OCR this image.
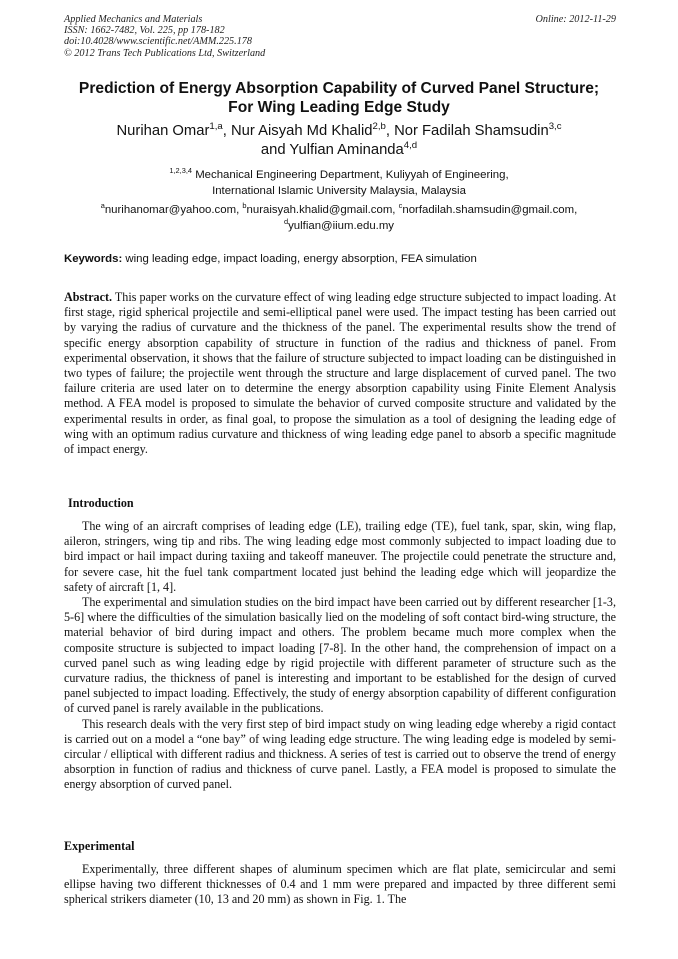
Applied Mechanics and Materials
ISSN: 1662-7482, Vol. 225, pp 178-182
doi:10.4028/www.scientific.net/AMM.225.178
© 2012 Trans Tech Publications Ltd, Switzerland
Online: 2012-11-29
Prediction of Energy Absorption Capability of Curved Panel Structure;
For Wing Leading Edge Study
Nurihan Omar$^{1,a}$, Nur Aisyah Md Khalid$^{2,b}$, Nor Fadilah Shamsudin$^{3,c}$
and Yulfian Aminanda$^{4,d}$
$^{1,2,3,4}$ Mechanical Engineering Department, Kuliyyah of Engineering,
International Islamic University Malaysia, Malaysia
$^a$nurihanomar@yahoo.com, $^b$nuraisyah.khalid@gmail.com, $^c$norfadilah.shamsudin@gmail.com,
$^d$yulfian@iium.edu.my
Keywords: wing leading edge, impact loading, energy absorption, FEA simulation
Abstract. This paper works on the curvature effect of wing leading edge structure subjected to impact loading. At first stage, rigid spherical projectile and semi-elliptical panel were used. The impact testing has been carried out by varying the radius of curvature and the thickness of the panel. The experimental results show the trend of specific energy absorption capability of structure in function of the radius and thickness of panel. From experimental observation, it shows that the failure of structure subjected to impact loading can be distinguished in two types of failure; the projectile went through the structure and large displacement of curved panel. The two failure criteria are used later on to determine the energy absorption capability using Finite Element Analysis method. A FEA model is proposed to simulate the behavior of curved composite structure and validated by the experimental results in order, as final goal, to propose the simulation as a tool of designing the leading edge of wing with an optimum radius curvature and thickness of wing leading edge panel to absorb a specific magnitude of impact energy.
Introduction

The wing of an aircraft comprises of leading edge (LE), trailing edge (TE), fuel tank, spar, skin, wing flap, aileron, stringers, wing tip and ribs. The wing leading edge most commonly subjected to impact loading due to bird impact or hail impact during taxiing and takeoff maneuver. The projectile could penetrate the structure and, for severe case, hit the fuel tank compartment located just behind the leading edge which will jeopardize the safety of aircraft [1, 4].

The experimental and simulation studies on the bird impact have been carried out by different researcher [1-3, 5-6] where the difficulties of the simulation basically lied on the modeling of soft contact bird-wing structure, the material behavior of bird during impact and others. The problem became much more complex when the composite structure is subjected to impact loading [7-8]. In the other hand, the comprehension of impact on a curved panel such as wing leading edge by rigid projectile with different parameter of structure such as the curvature radius, the thickness of panel is interesting and important to be established for the design of curved panel subjected to impact loading. Effectively, the study of energy absorption capability of different configuration of curved panel is rarely available in the publications.

This research deals with the very first step of bird impact study on wing leading edge whereby a rigid contact is carried out on a model a “one bay” of wing leading edge structure. The wing leading edge is modeled by semi-circular / elliptical with different radius and thickness. A series of test is carried out to observe the trend of energy absorption in function of radius and thickness of curve panel. Lastly, a FEA model is proposed to simulate the energy absorption of curved panel.

Experimental

Experimentally, three different shapes of aluminum specimen which are flat plate, semicircular and semi ellipse having two different thicknesses of 0.4 and 1 mm were prepared and impacted by three different semi spherical strikers diameter (10, 13 and 20 mm) as shown in Fig. 1. The
